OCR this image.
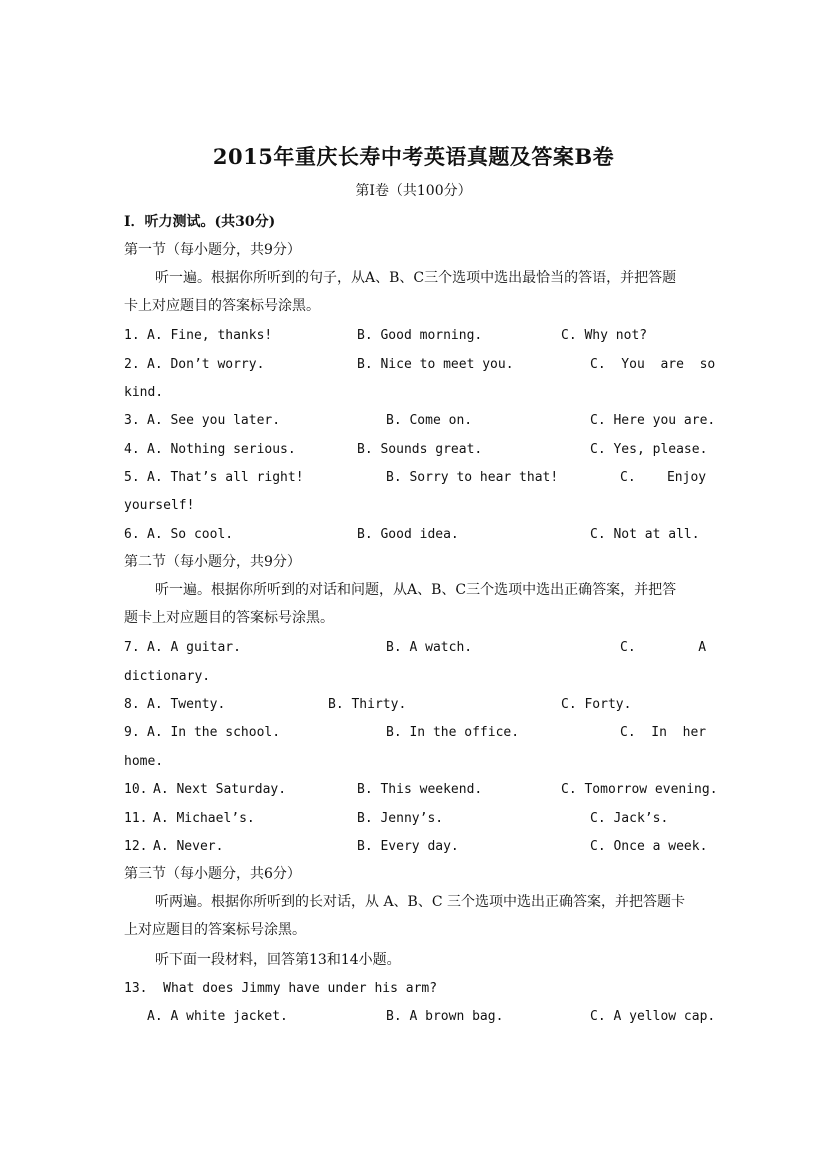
2015年重庆长寿中考英语真题及答案B卷
第Ⅰ卷（共100分）
I．听力测试。(共30分)
第一节（每小题分，共9分）
听一遍。根据你所听到的句子，从A、B、C三个选项中选出最恰当的答语，并把答题
卡上对应题目的答案标号涂黑。
1. A. Fine, thanks!	B. Good morning.	C. Why not?
2. A. Don’t worry.	B. Nice to meet you.	C.  You  are  so
kind.
3. A. See you later.	B. Come on.	C. Here you are.
4. A. Nothing serious.	B. Sounds great.	C. Yes, please.
5. A. That’s all right!	B. Sorry to hear that!	C.    Enjoy
yourself!
6. A. So cool.	B. Good idea.	C. Not at all.
第二节（每小题分，共9分）
听一遍。根据你所听到的对话和问题，从A、B、C三个选项中选出正确答案，并把答
题卡上对应题目的答案标号涂黑。
7. A. A guitar.	B. A watch.	C.        A
dictionary.
8. A. Twenty.	B. Thirty.	C. Forty.
9. A. In the school.	B. In the office.	C.  In  her
home.
10. A. Next Saturday.	B. This weekend.	C. Tomorrow evening.
11. A. Michael’s.	B. Jenny’s.	C. Jack’s.
12. A. Never.	B. Every day.	C. Once a week.
第三节（每小题分，共6分）
听两遍。根据你所听到的长对话，从 A、B、C 三个选项中选出正确答案，并把答题卡
上对应题目的答案标号涂黑。
听下面一段材料，回答第13和14小题。
13.  What does Jimmy have under his arm?
A. A white jacket.	B. A brown bag.	C. A yellow cap.
